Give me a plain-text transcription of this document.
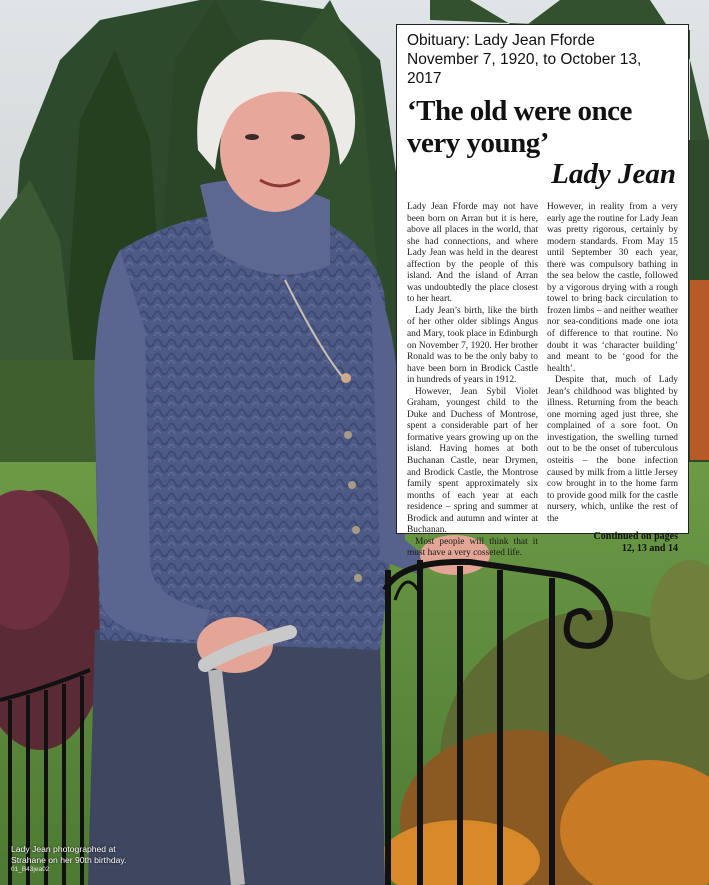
Obituary: Lady Jean Fforde
November 7, 1920, to October 13, 2017
‘The old were once very young’
Lady Jean

Lady Jean Fforde may not have been born on Arran but it is here, above all places in the world, that she had connections, and where Lady Jean was held in the dearest affection by the people of this island. And the island of Arran was undoubtedly the place closest to her heart.

Lady Jean’s birth, like the birth of her other older siblings Angus and Mary, took place in Edinburgh on November 7, 1920. Her brother Ronald was to be the only baby to have been born in Brodick Castle in hundreds of years in 1912.

However, Jean Sybil Violet Graham, youngest child to the Duke and Duchess of Montrose, spent a considerable part of her formative years growing up on the island. Having homes at both Buchanan Castle, near Drymen, and Brodick Castle, the Montrose family spent approximately six months of each year at each residence – spring and summer at Brodick and autumn and winter at Buchanan.

Most people will think that it must have a very cosseted life.

However, in reality from a very early age the routine for Lady Jean was pretty rigorous, certainly by modern standards. From May 15 until September 30 each year, there was compulsory bathing in the sea below the castle, followed by a vigorous drying with a rough towel to bring back circulation to frozen limbs – and neither weather nor sea-conditions made one iota of difference to that routine. No doubt it was ‘character building’ and meant to be ‘good for the health’.

Despite that, much of Lady Jean’s childhood was blighted by illness. Returning from the beach one morning aged just three, she complained of a sore foot. On investigation, the swelling turned out to be the onset of tuberculous osteitis – the bone infection caused by milk from a little Jersey cow brought in to the home farm to provide good milk for the castle nursery, which, unlike the rest of the

Continued on pages
12, 13 and 14
Lady Jean photographed at
Strahane on her 90th birthday.
01_B43jea02
